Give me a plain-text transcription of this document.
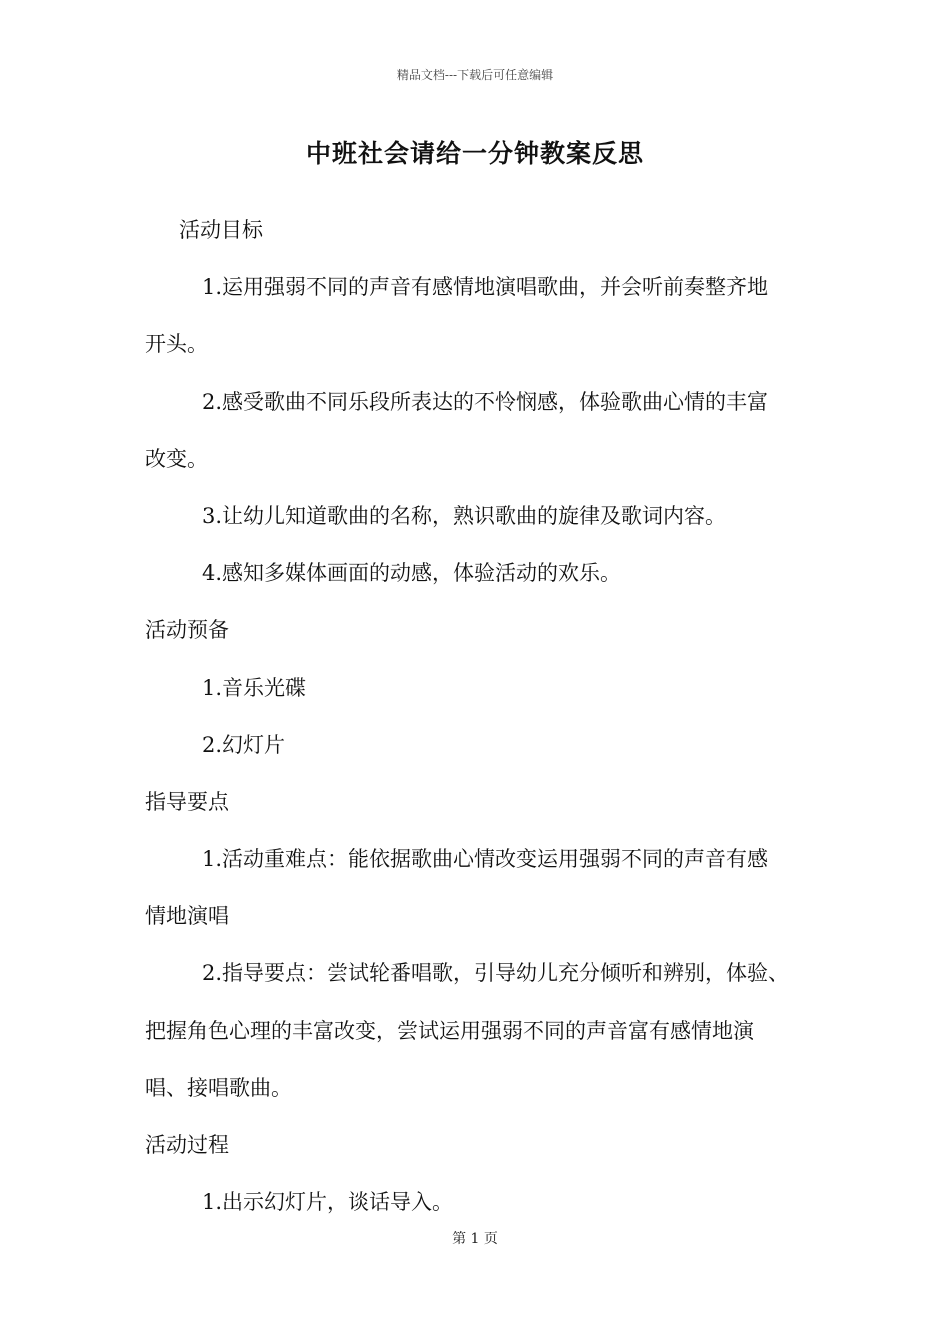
精品文档---下载后可任意编辑
中班社会请给一分钟教案反思

活动目标

1.运用强弱不同的声音有感情地演唱歌曲，并会听前奏整齐地

开头。

2.感受歌曲不同乐段所表达的不怜悯感，体验歌曲心情的丰富

改变。

3.让幼儿知道歌曲的名称，熟识歌曲的旋律及歌词内容。

4.感知多媒体画面的动感，体验活动的欢乐。

活动预备

1.音乐光碟

2.幻灯片

指导要点

1.活动重难点：能依据歌曲心情改变运用强弱不同的声音有感

情地演唱

2.指导要点：尝试轮番唱歌，引导幼儿充分倾听和辨别，体验、

把握角色心理的丰富改变，尝试运用强弱不同的声音富有感情地演

唱、接唱歌曲。

活动过程

1.出示幻灯片，谈话导入。

第 1 页
